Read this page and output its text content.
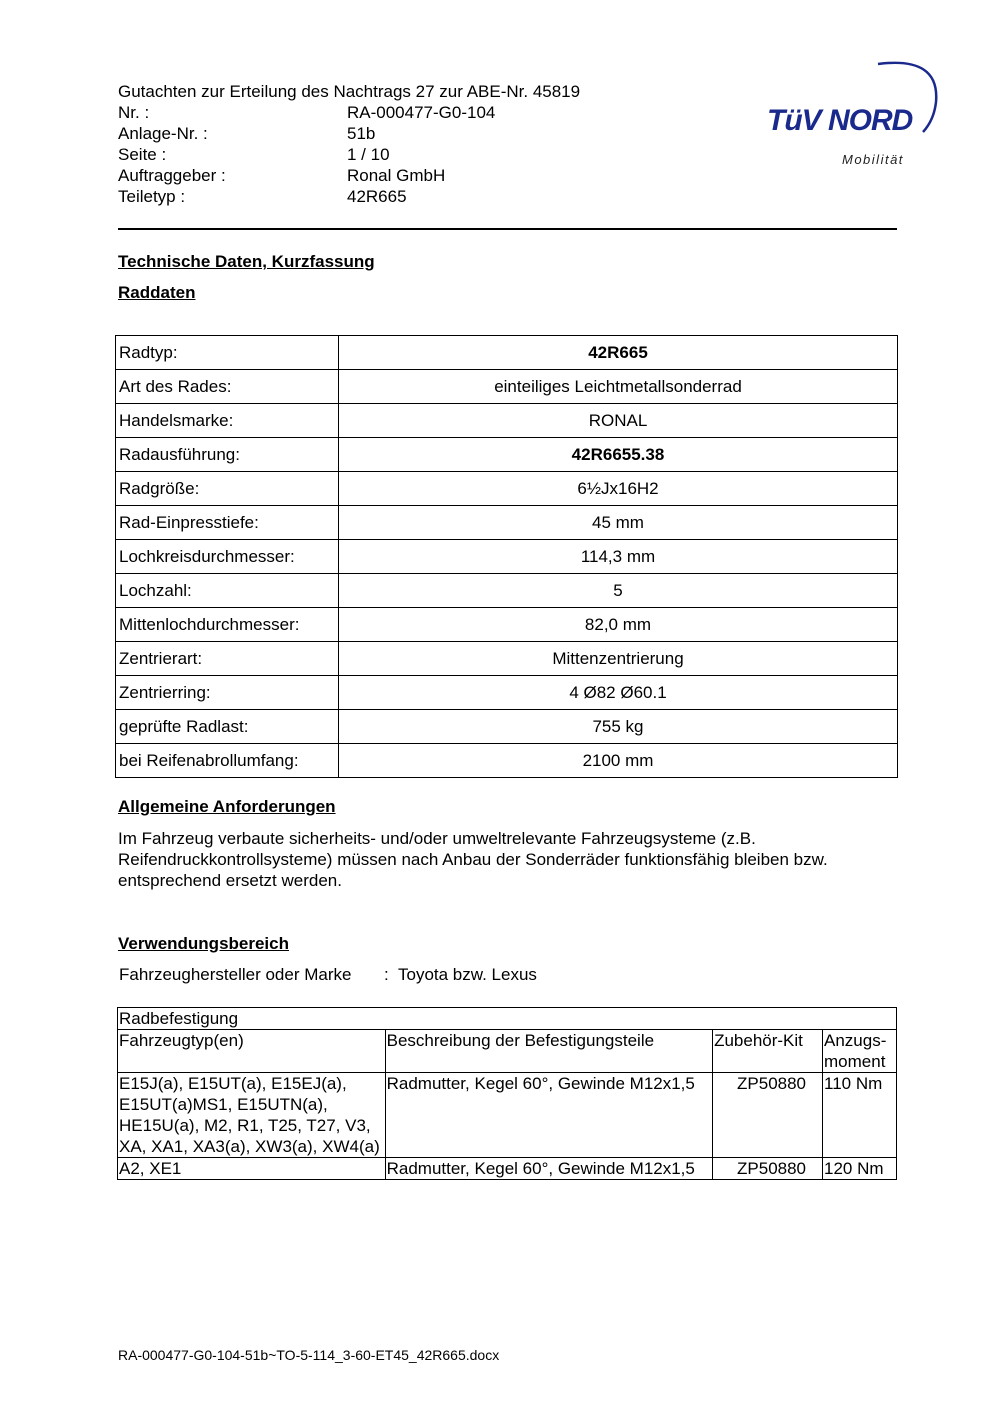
Gutachten zur Erteilung des Nachtrags 27 zur ABE-Nr. 45819
Nr. :	RA-000477-G0-104
Anlage-Nr. :	51b
Seite :	1 / 10
Auftraggeber :	Ronal GmbH
Teiletyp :	42R665
TüV NORD
Mobilität
Technische Daten, Kurzfassung
Raddaten
Radtyp:	42R665
Art des Rades:	einteiliges Leichtmetallsonderrad
Handelsmarke:	RONAL
Radausführung:	42R6655.38
Radgröße:	6½Jx16H2
Rad-Einpresstiefe:	45 mm
Lochkreisdurchmesser:	114,3 mm
Lochzahl:	5
Mittenlochdurchmesser:	82,0 mm
Zentrierart:	Mittenzentrierung
Zentrierring:	4 Ø82 Ø60.1
geprüfte Radlast:	755 kg
bei Reifenabrollumfang:	2100 mm
Allgemeine Anforderungen
Im Fahrzeug verbaute sicherheits- und/oder umweltrelevante Fahrzeugsysteme (z.B. Reifendruckkontrollsysteme) müssen nach Anbau der Sonderräder funktionsfähig bleiben bzw. entsprechend ersetzt werden.
Verwendungsbereich
Fahrzeughersteller oder Marke : Toyota bzw. Lexus
Radbefestigung			
Fahrzeugtyp(en)	Beschreibung der Befestigungsteile	Zubehör-Kit	Anzugs-moment
E15J(a), E15UT(a), E15EJ(a), E15UT(a)MS1, E15UTN(a), HE15U(a), M2, R1, T25, T27, V3, XA, XA1, XA3(a), XW3(a), XW4(a)	Radmutter, Kegel 60°, Gewinde M12x1,5	ZP50880	110 Nm
A2, XE1	Radmutter, Kegel 60°, Gewinde M12x1,5	ZP50880	120 Nm
RA-000477-G0-104-51b~TO-5-114_3-60-ET45_42R665.docx
